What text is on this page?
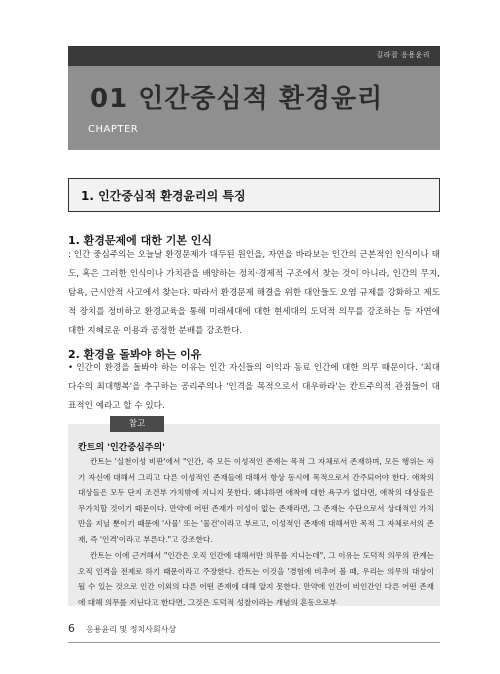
길라잡 응용윤리
01 인간중심적 환경윤리
CHAPTER
1. 인간중심적 환경윤리의 특징
1. 환경문제에 대한 기본 인식

: 인간 중심주의는 오늘날 환경문제가 대두된 원인을, 자연을 바라보는 인간의 근본적인 인식이나 태도, 혹은 그러한 인식이나 가치관을 배양하는 정치·경제적 구조에서 찾는 것이 아니라, 인간의 무지, 탐욕, 근시안적 사고에서 찾는다. 따라서 환경문제 해결을 위한 대안들도 오염 규제를 강화하고 제도적 장치를 정비하고 환경교육을 통해 미래세대에 대한 현세대의 도덕적 의무를 강조하는 등 자연에 대한 지혜로운 이용과 공정한 분배를 강조한다.

2. 환경을 돌봐야 하는 이유

• 인간이 환경을 돌봐야 하는 이유는 인간 자신들의 이익과 동료 인간에 대한 의무 때문이다. '최대다수의 최대행복'을 추구하는 공리주의나 '인격을 목적으로서 대우하라'는 칸트주의적 관점들이 대표적인 예라고 할 수 있다.

칸트의 '인간중심주의'

칸트는 '실천이성 비판'에서 "인간, 즉 모든 이성적인 존재는 목적 그 자체로서 존재하며, 모든 행위는 자기 자신에 대해서 그리고 다른 이성적인 존재들에 대해서 항상 동시에 목적으로서 간주되어야 한다. 애착의 대상들은 모두 단지 조건부 가치밖에 지니지 못한다. 왜냐하면 애착에 대한 욕구가 없다면, 애착의 대상들은 무가치할 것이기 때문이다. 만약에 어떤 존재가 이성이 없는 존재라면, 그 존재는 수단으로서 상대적인 가치만을 지닐 뿐이기 때문에 '사물' 또는 '물건'이라고 부르고, 이성적인 존재에 대해서만 목적 그 자체로서의 존재, 즉 '인격'이라고 부른다."고 강조한다.

칸트는 이에 근거해서 "인간은 오직 인간에 대해서만 의무를 지니는데", 그 이유는 도덕적 의무의 관계는 오직 인격을 전제로 하기 때문이라고 주장한다. 칸트는 이것을 '경험에 비추어 볼 때, 우리는 의무의 대상이 될 수 있는 것으로 인간 이외의 다른 어떤 존재에 대해 알지 못한다. 만약에 인간이 비인간인 다른 어떤 존재에 대해 의무를 지닌다고 한다면, 그것은 도덕적 성찰이라는 개념의 혼동으로부

참고
6 응용윤리 및 정치사회사상
